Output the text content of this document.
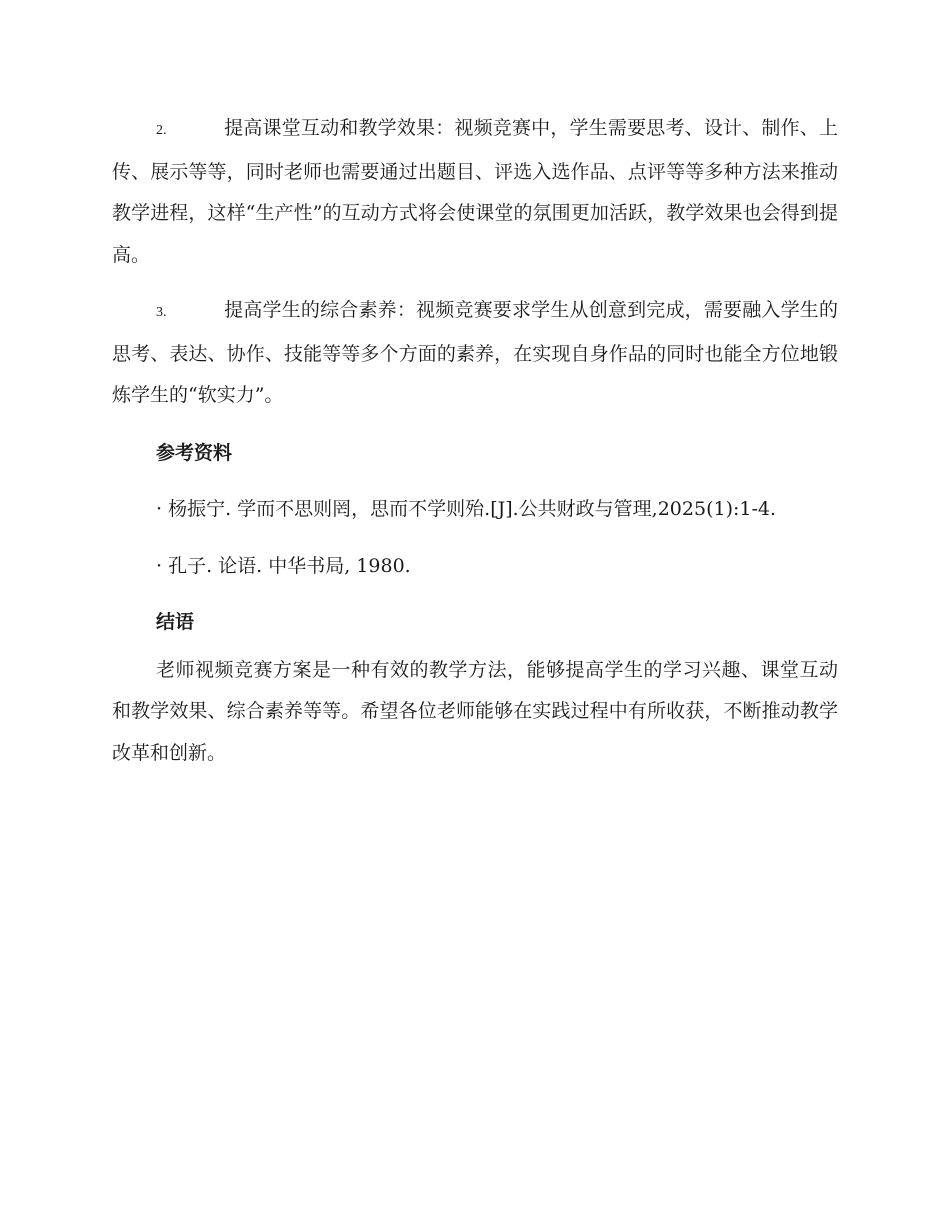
2.	提高课堂互动和教学效果：视频竞赛中，学生需要思考、设计、制作、上传、展示等等，同时老师也需要通过出题目、评选入选作品、点评等等多种方法来推动教学进程，这样“生产性”的互动方式将会使课堂的氛围更加活跃，教学效果也会得到提高。

3.	提高学生的综合素养：视频竞赛要求学生从创意到完成，需要融入学生的思考、表达、协作、技能等等多个方面的素养，在实现自身作品的同时也能全方位地锻炼学生的“软实力”。

参考资料

· 杨振宁. 学而不思则罔，思而不学则殆.[J].公共财政与管理,2025(1):1-4.

· 孔子. 论语. 中华书局, 1980.

结语

老师视频竞赛方案是一种有效的教学方法，能够提高学生的学习兴趣、课堂互动和教学效果、综合素养等等。希望各位老师能够在实践过程中有所收获，不断推动教学改革和创新。
